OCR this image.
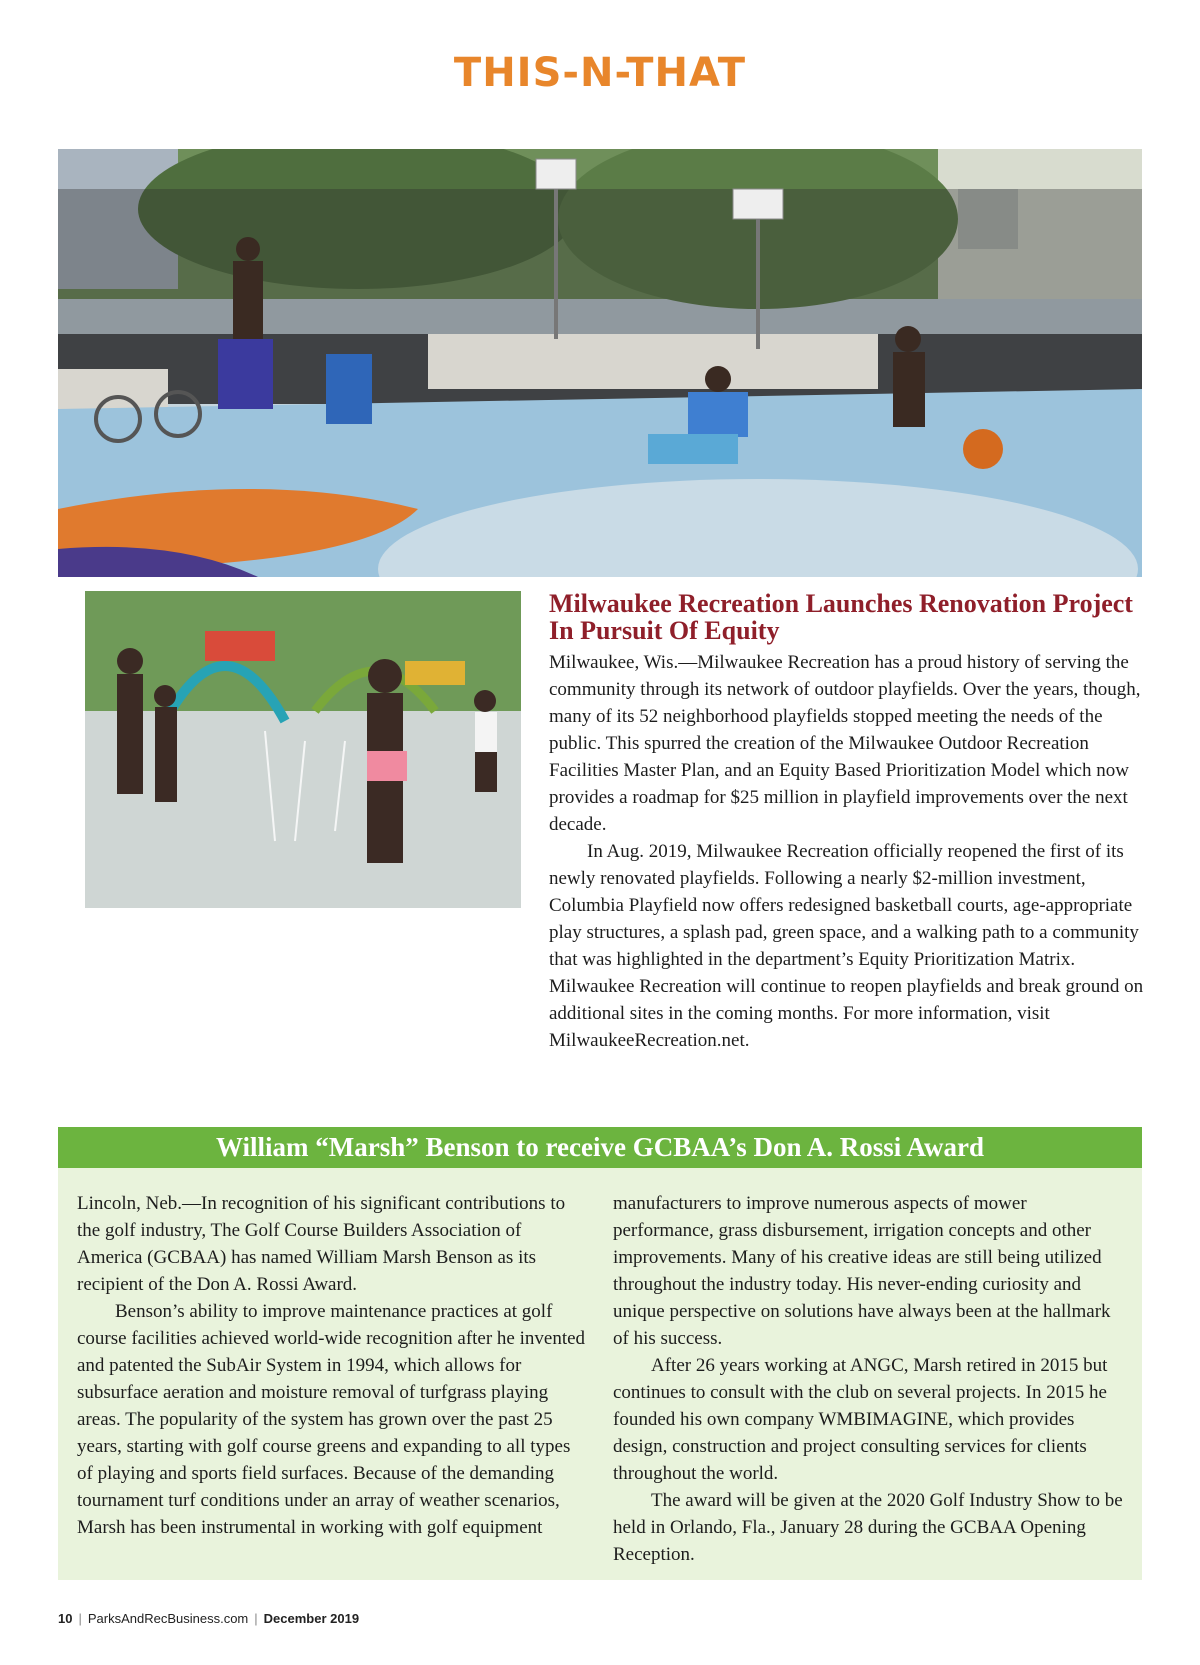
THIS-N-THAT
Milwaukee Recreation Launches Renovation Project In Pursuit Of Equity

Milwaukee, Wis.—Milwaukee Recreation has a proud history of serving the community through its network of outdoor playfields. Over the years, though, many of its 52 neighborhood playfields stopped meeting the needs of the public. This spurred the creation of the Milwaukee Outdoor Recreation Facilities Master Plan, and an Equity Based Prioritization Model which now provides a roadmap for $25 million in playfield improvements over the next decade.

In Aug. 2019, Milwaukee Recreation officially reopened the first of its newly renovated playfields. Following a nearly $2-million investment, Columbia Playfield now offers redesigned basketball courts, age-appropriate play structures, a splash pad, green space, and a walking path to a community that was highlighted in the department’s Equity Prioritization Matrix. Milwaukee Recreation will continue to reopen playfields and break ground on additional sites in the coming months. For more information, visit MilwaukeeRecreation.net.

William “Marsh” Benson to receive GCBAA’s Don A. Rossi Award

Lincoln, Neb.—In recognition of his significant contributions to the golf industry, The Golf Course Builders Association of America (GCBAA) has named William Marsh Benson as its recipient of the Don A. Rossi Award.

Benson’s ability to improve maintenance practices at golf course facilities achieved world-wide recognition after he invented and patented the SubAir System in 1994, which allows for subsurface aeration and moisture removal of turfgrass playing areas. The popularity of the system has grown over the past 25 years, starting with golf course greens and expanding to all types of playing and sports field surfaces. Because of the demanding tournament turf conditions under an array of weather scenarios, Marsh has been instrumental in working with golf equipment

manufacturers to improve numerous aspects of mower performance, grass disbursement, irrigation concepts and other improvements. Many of his creative ideas are still being utilized throughout the industry today. His never-ending curiosity and unique perspective on solutions have always been at the hallmark of his success.

After 26 years working at ANGC, Marsh retired in 2015 but continues to consult with the club on several projects. In 2015 he founded his own company WMBIMAGINE, which provides design, construction and project consulting services for clients throughout the world.

The award will be given at the 2020 Golf Industry Show to be held in Orlando, Fla., January 28 during the GCBAA Opening Reception.

10 | ParksAndRecBusiness.com | December 2019
